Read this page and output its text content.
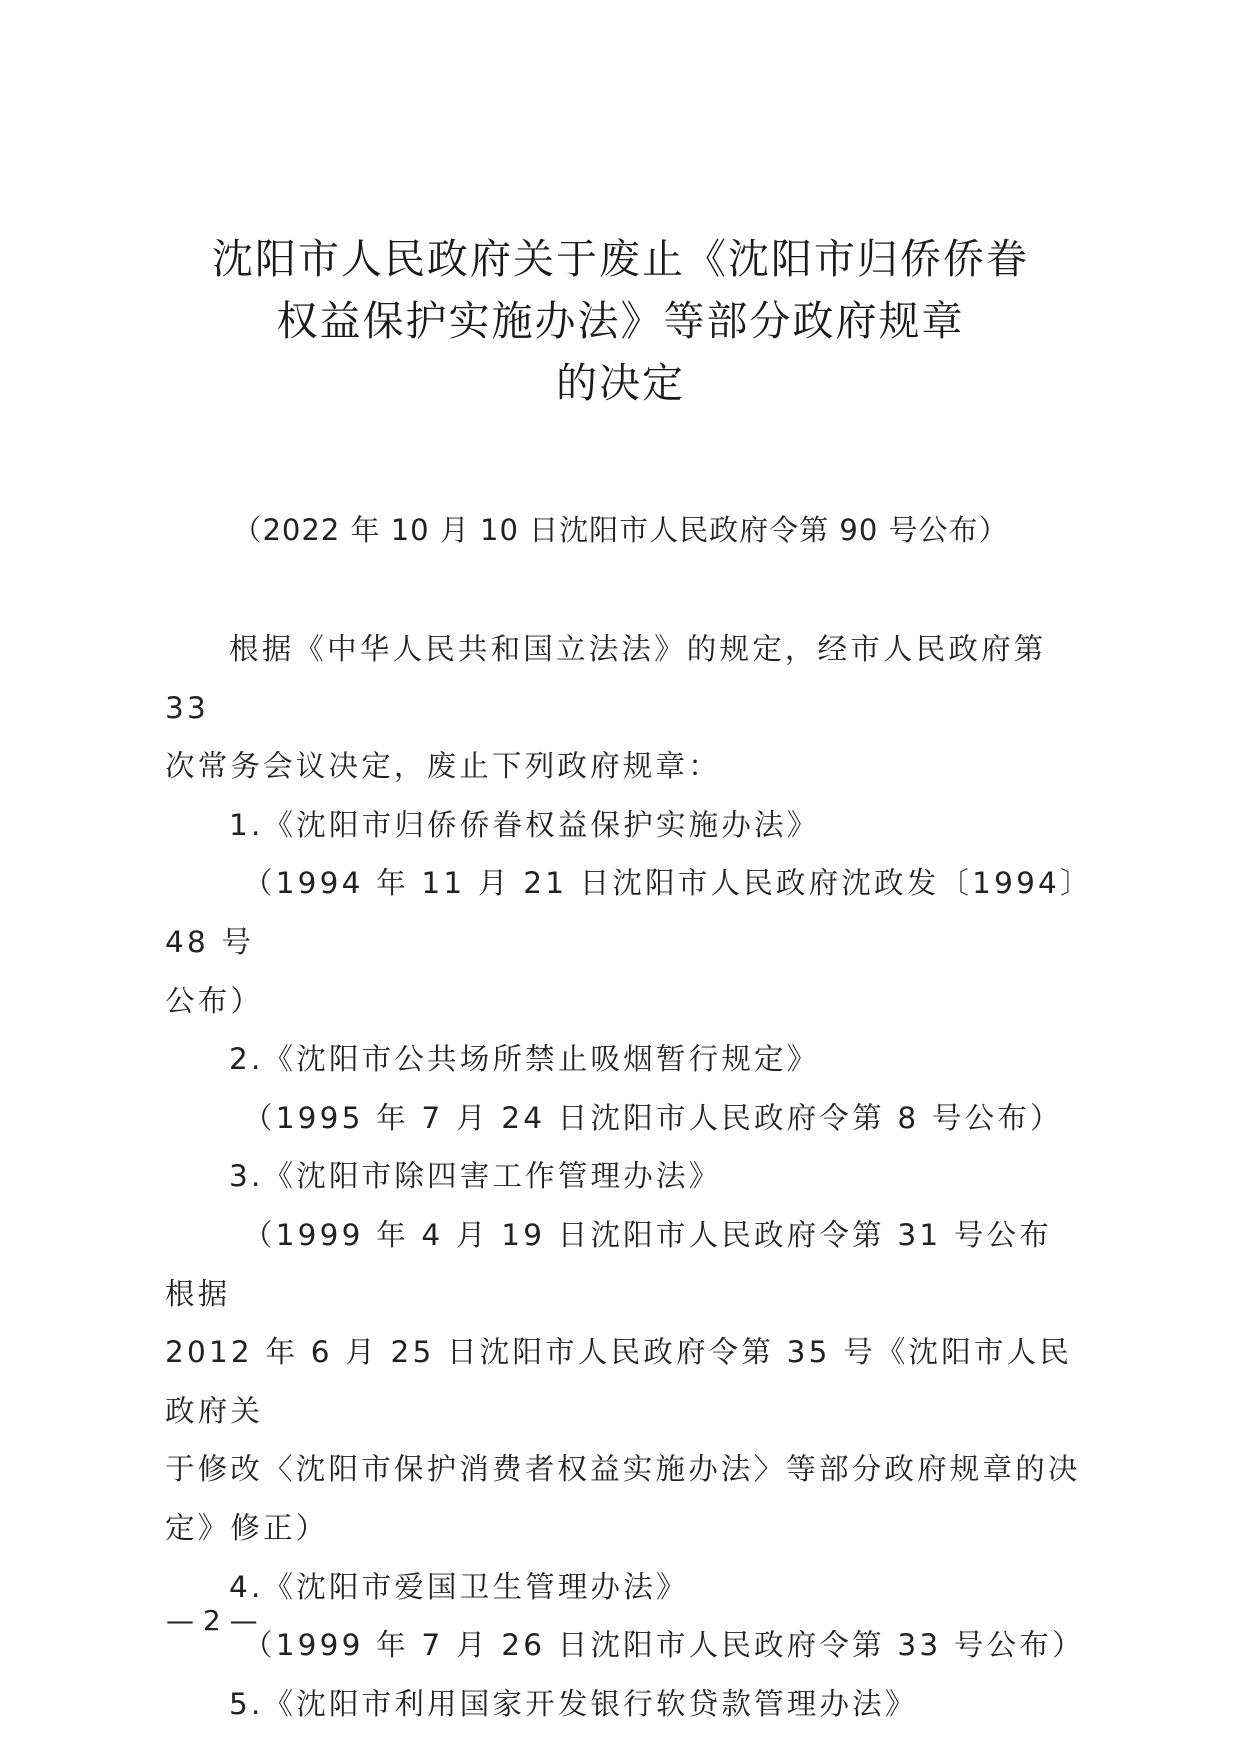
沈阳市人民政府关于废止《沈阳市归侨侨眷
权益保护实施办法》等部分政府规章
的决定
（2022 年 10 月 10 日沈阳市人民政府令第 90 号公布）
根据《中华人民共和国立法法》的规定，经市人民政府第 33
次常务会议决定，废止下列政府规章：
1.《沈阳市归侨侨眷权益保护实施办法》
（1994 年 11 月 21 日沈阳市人民政府沈政发〔1994〕48 号
公布）
2.《沈阳市公共场所禁止吸烟暂行规定》
（1995 年 7 月 24 日沈阳市人民政府令第 8 号公布）
3.《沈阳市除四害工作管理办法》
（1999 年 4 月 19 日沈阳市人民政府令第 31 号公布　根据
2012 年 6 月 25 日沈阳市人民政府令第 35 号《沈阳市人民政府关
于修改〈沈阳市保护消费者权益实施办法〉等部分政府规章的决
定》修正）
4.《沈阳市爱国卫生管理办法》
（1999 年 7 月 26 日沈阳市人民政府令第 33 号公布）
5.《沈阳市利用国家开发银行软贷款管理办法》
— 2 —
